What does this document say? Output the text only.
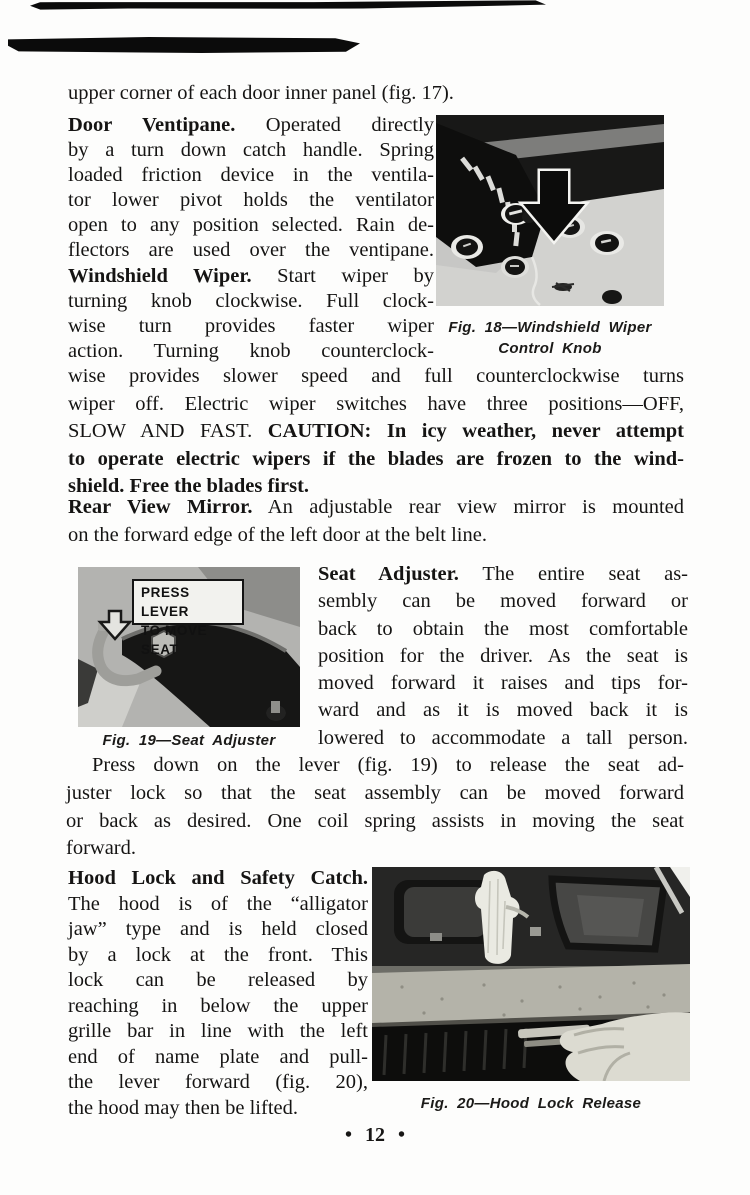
upper corner of each door inner panel (fig. 17).
Door Ventipane. Operated directly
by a turn down catch handle. Spring
loaded friction device in the ventila-
tor lower pivot holds the ventilator
open to any position selected. Rain de-
flectors are used over the ventipane.
Windshield Wiper. Start wiper by
turning knob clockwise. Full clock-
wise turn provides faster wiper
action. Turning knob counterclock-
Fig. 18—Windshield Wiper
Control Knob
wise provides slower speed and full counterclockwise turns
wiper off. Electric wiper switches have three positions—OFF,
SLOW AND FAST. CAUTION: In icy weather, never attempt
to operate electric wipers if the blades are frozen to the wind-
shield. Free the blades first.
Rear View Mirror. An adjustable rear view mirror is mounted
on the forward edge of the left door at the belt line.
PRESS LEVER
TO MOVE SEAT
Fig. 19—Seat Adjuster
Seat Adjuster. The entire seat as-
sembly can be moved forward or
back to obtain the most comfortable
position for the driver. As the seat is
moved forward it raises and tips for-
ward and as it is moved back it is
lowered to accommodate a tall person.
Press down on the lever (fig. 19) to release the seat ad-
juster lock so that the seat assembly can be moved forward
or back as desired. One coil spring assists in moving the seat
forward.
Hood Lock and Safety Catch.
The hood is of the “alligator
jaw” type and is held closed
by a lock at the front. This
lock can be released by
reaching in below the upper
grille bar in line with the left
end of name plate and pull-
the lever forward (fig. 20),
the hood may then be lifted.	Fig. 20—Hood Lock Release
• 12 •
